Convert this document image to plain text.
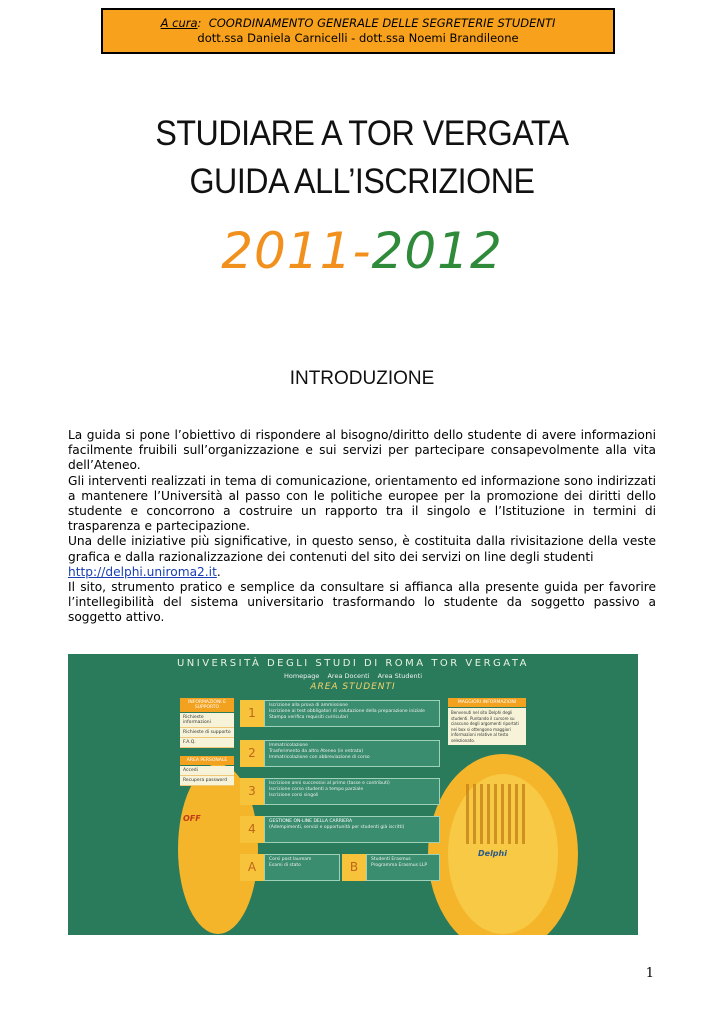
A cura: COORDINAMENTO GENERALE DELLE SEGRETERIE STUDENTI
dott.ssa Daniela Carnicelli - dott.ssa Noemi Brandileone
STUDIARE A TOR VERGATA
GUIDA ALL’ISCRIZIONE
2011-2012
INTRODUZIONE

La guida si pone l’obiettivo di rispondere al bisogno/diritto dello studente di avere informazioni facilmente fruibili sull’organizzazione e sui servizi per partecipare consapevolmente alla vita dell’Ateneo.

Gli interventi realizzati in tema di comunicazione, orientamento ed informazione sono indirizzati a mantenere l’Università al passo con le politiche europee per la promozione dei diritti dello studente e concorrono a costruire un rapporto tra il singolo e l’Istituzione in termini di trasparenza e partecipazione.

Una delle iniziative più significative, in questo senso, è costituita dalla rivisitazione della veste grafica e dalla razionalizzazione dei contenuti del sito dei servizi on line degli studenti
http://delphi.uniroma2.it.

Il sito, strumento pratico e semplice da consultare si affianca alla presente guida per favorire l’intellegibilità del sistema universitario trasformando lo studente da soggetto passivo a soggetto attivo.

UNIVERSITÀ DEGLI STUDI DI ROMA TOR VERGATA
Homepage Area Docenti Area Studenti
AREA STUDENTI
Delphi
OFF
INFORMAZIONI E SUPPORTO
Richieste informazioni
Richieste di supporto
F.A.Q.
AREA PERSONALE
Accedi
Recupera password
1
Iscrizione alla prova di ammissione
Iscrizione ai test obbligatori di valutazione della preparazione iniziale
Stampa verifica requisiti curriculari
2
Immatricolazione
Trasferimento da altro Ateneo (in entrata)
Immatricolazione con abbreviazione di corso
3
Iscrizione anni successivi al primo (tasse e contributi)
Iscrizione corso studenti a tempo parziale
Iscrizione corsi singoli
4
GESTIONE ON-LINE DELLA CARRIERA
(Adempimenti, servizi e opportunità per studenti già iscritti)
A
Corsi post lauream
Esami di stato	B
Studenti Erasmus
Programma Erasmus LLP
MAGGIORI INFORMAZIONI
Benvenuti nel sito Delphi degli studenti. Puntando il cursore su ciascuno degli argomenti riportati nei box si ottengono maggiori informazioni relative al testo selezionato.
1
